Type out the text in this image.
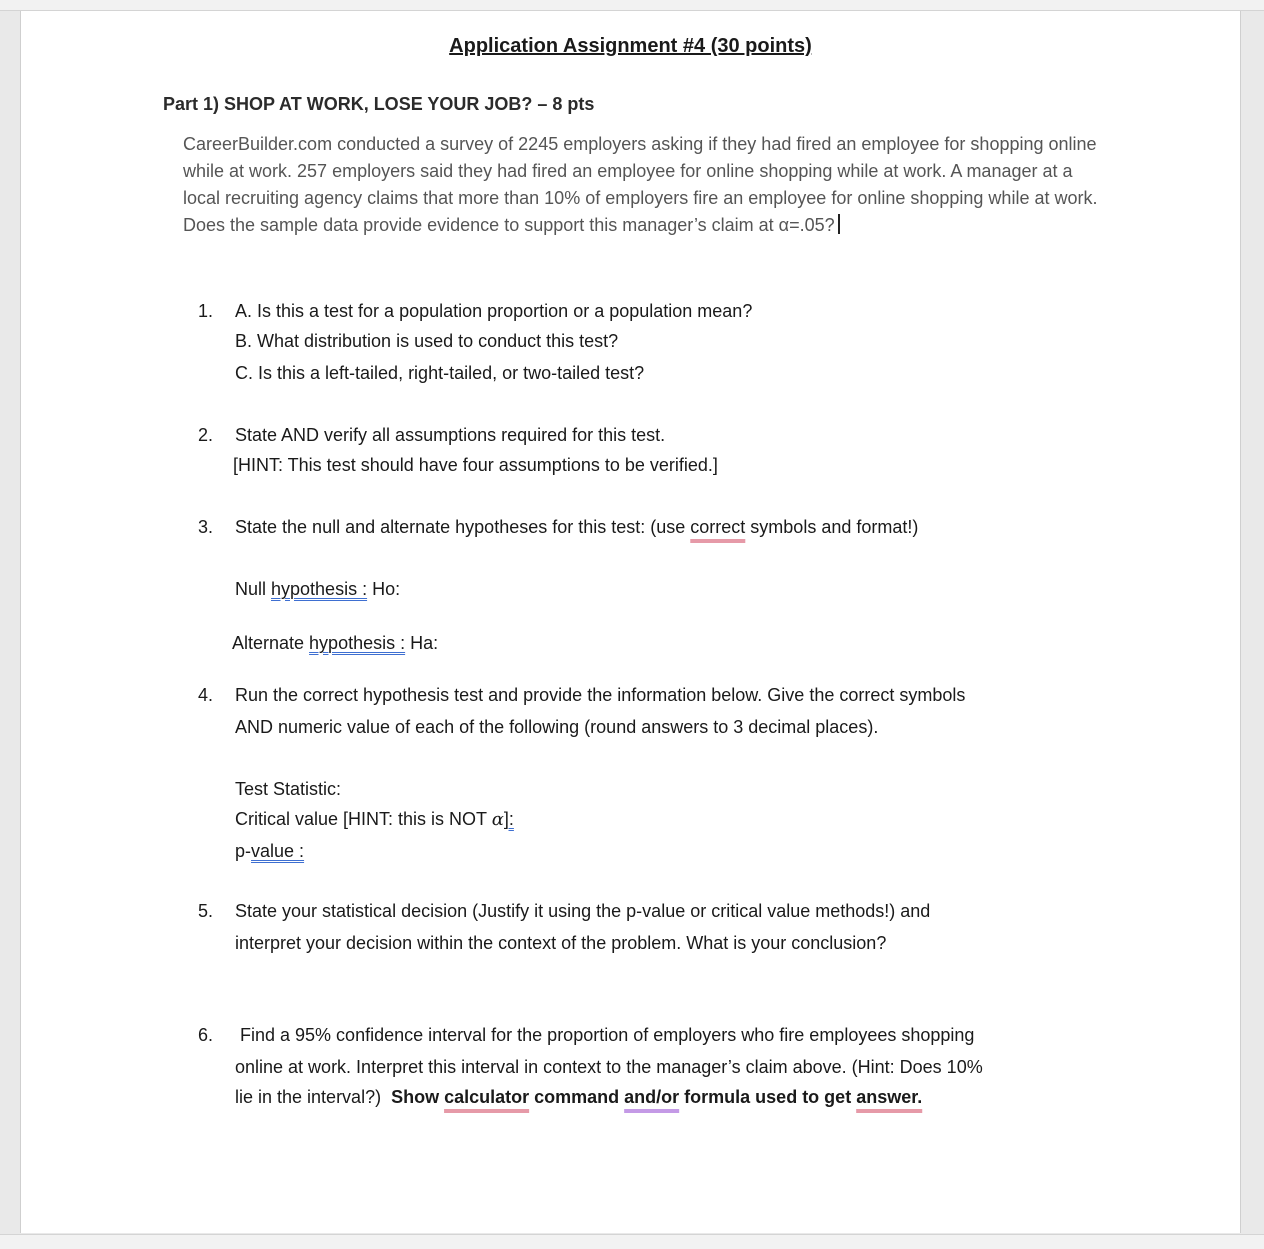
Application Assignment #4 (30 points)
Part 1) SHOP AT WORK, LOSE YOUR JOB? – 8 pts
CareerBuilder.com conducted a survey of 2245 employers asking if they had fired an employee for shopping online while at work. 257 employers said they had fired an employee for online shopping while at work. A manager at a local recruiting agency claims that more than 10% of employers fire an employee for online shopping while at work. Does the sample data provide evidence to support this manager’s claim at α=.05?
1. A. Is this a test for a population proportion or a population mean?
B. What distribution is used to conduct this test?
C. Is this a left-tailed, right-tailed, or two-tailed test?
2. State AND verify all assumptions required for this test.
[HINT: This test should have four assumptions to be verified.]
3. State the null and alternate hypotheses for this test: (use correct symbols and format!)
Null hypothesis : Ho:
Alternate hypothesis : Ha:
4. Run the correct hypothesis test and provide the information below. Give the correct symbols
AND numeric value of each of the following (round answers to 3 decimal places).
Test Statistic:
Critical value [HINT: this is NOT α]:
p-value :
5. State your statistical decision (Justify it using the p-value or critical value methods!) and
interpret your decision within the context of the problem. What is your conclusion?
6. Find a 95% confidence interval for the proportion of employers who fire employees shopping
online at work. Interpret this interval in context to the manager’s claim above. (Hint: Does 10%
lie in the interval?)  Show calculator command and/or formula used to get answer.
